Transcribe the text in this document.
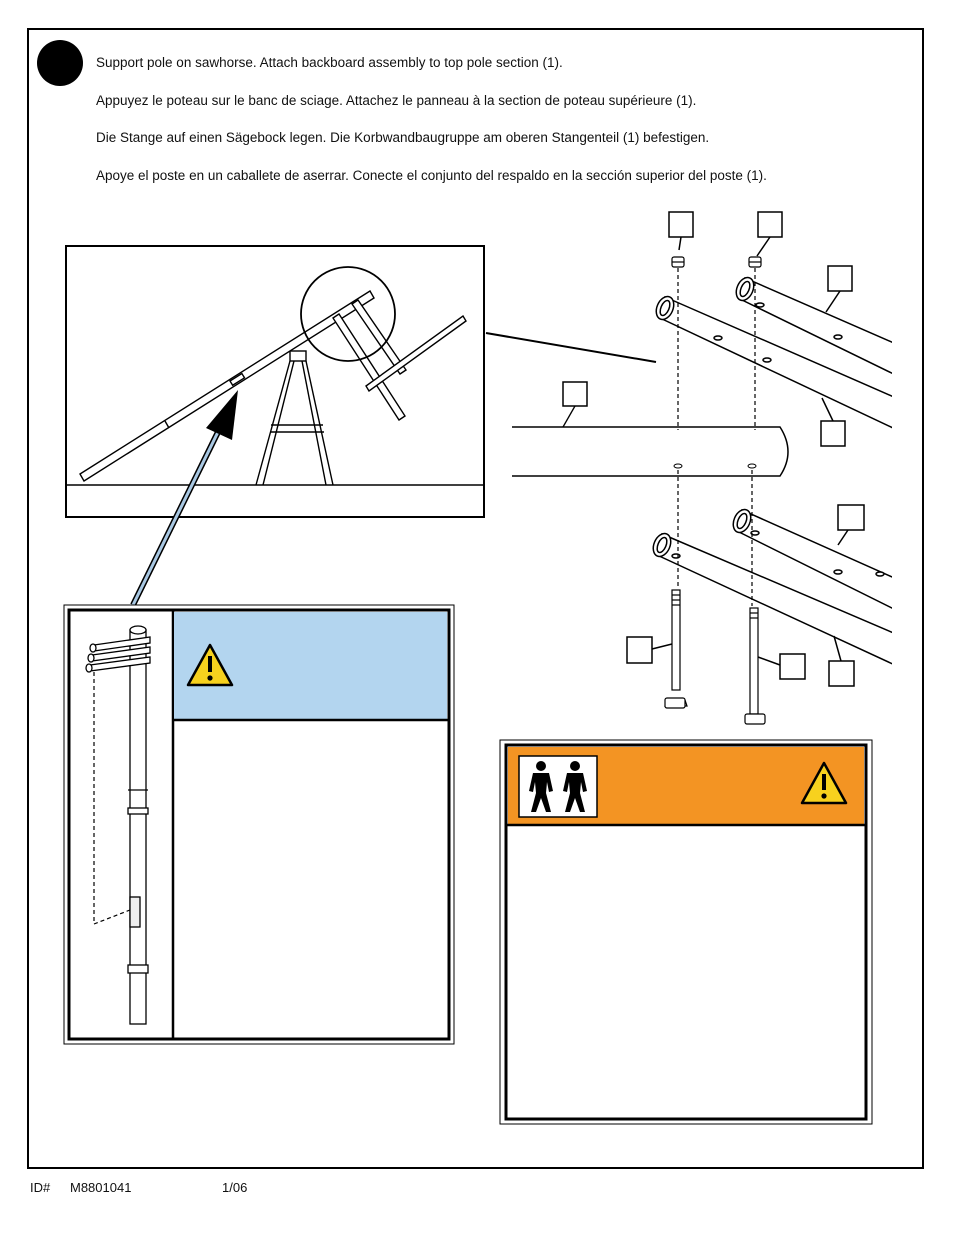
Support pole on sawhorse. Attach backboard assembly to top pole section (1).

Appuyez le poteau sur le banc de sciage. Attachez le panneau à la section de poteau supérieure (1).

Die Stange auf einen Sägebock legen. Die Korbwandbaugruppe am oberen Stangenteil (1) befestigen.

Apoye el poste en un caballete de aserrar. Conecte el conjunto del respaldo en la sección superior del poste (1).

ID# M8801041	1/06
